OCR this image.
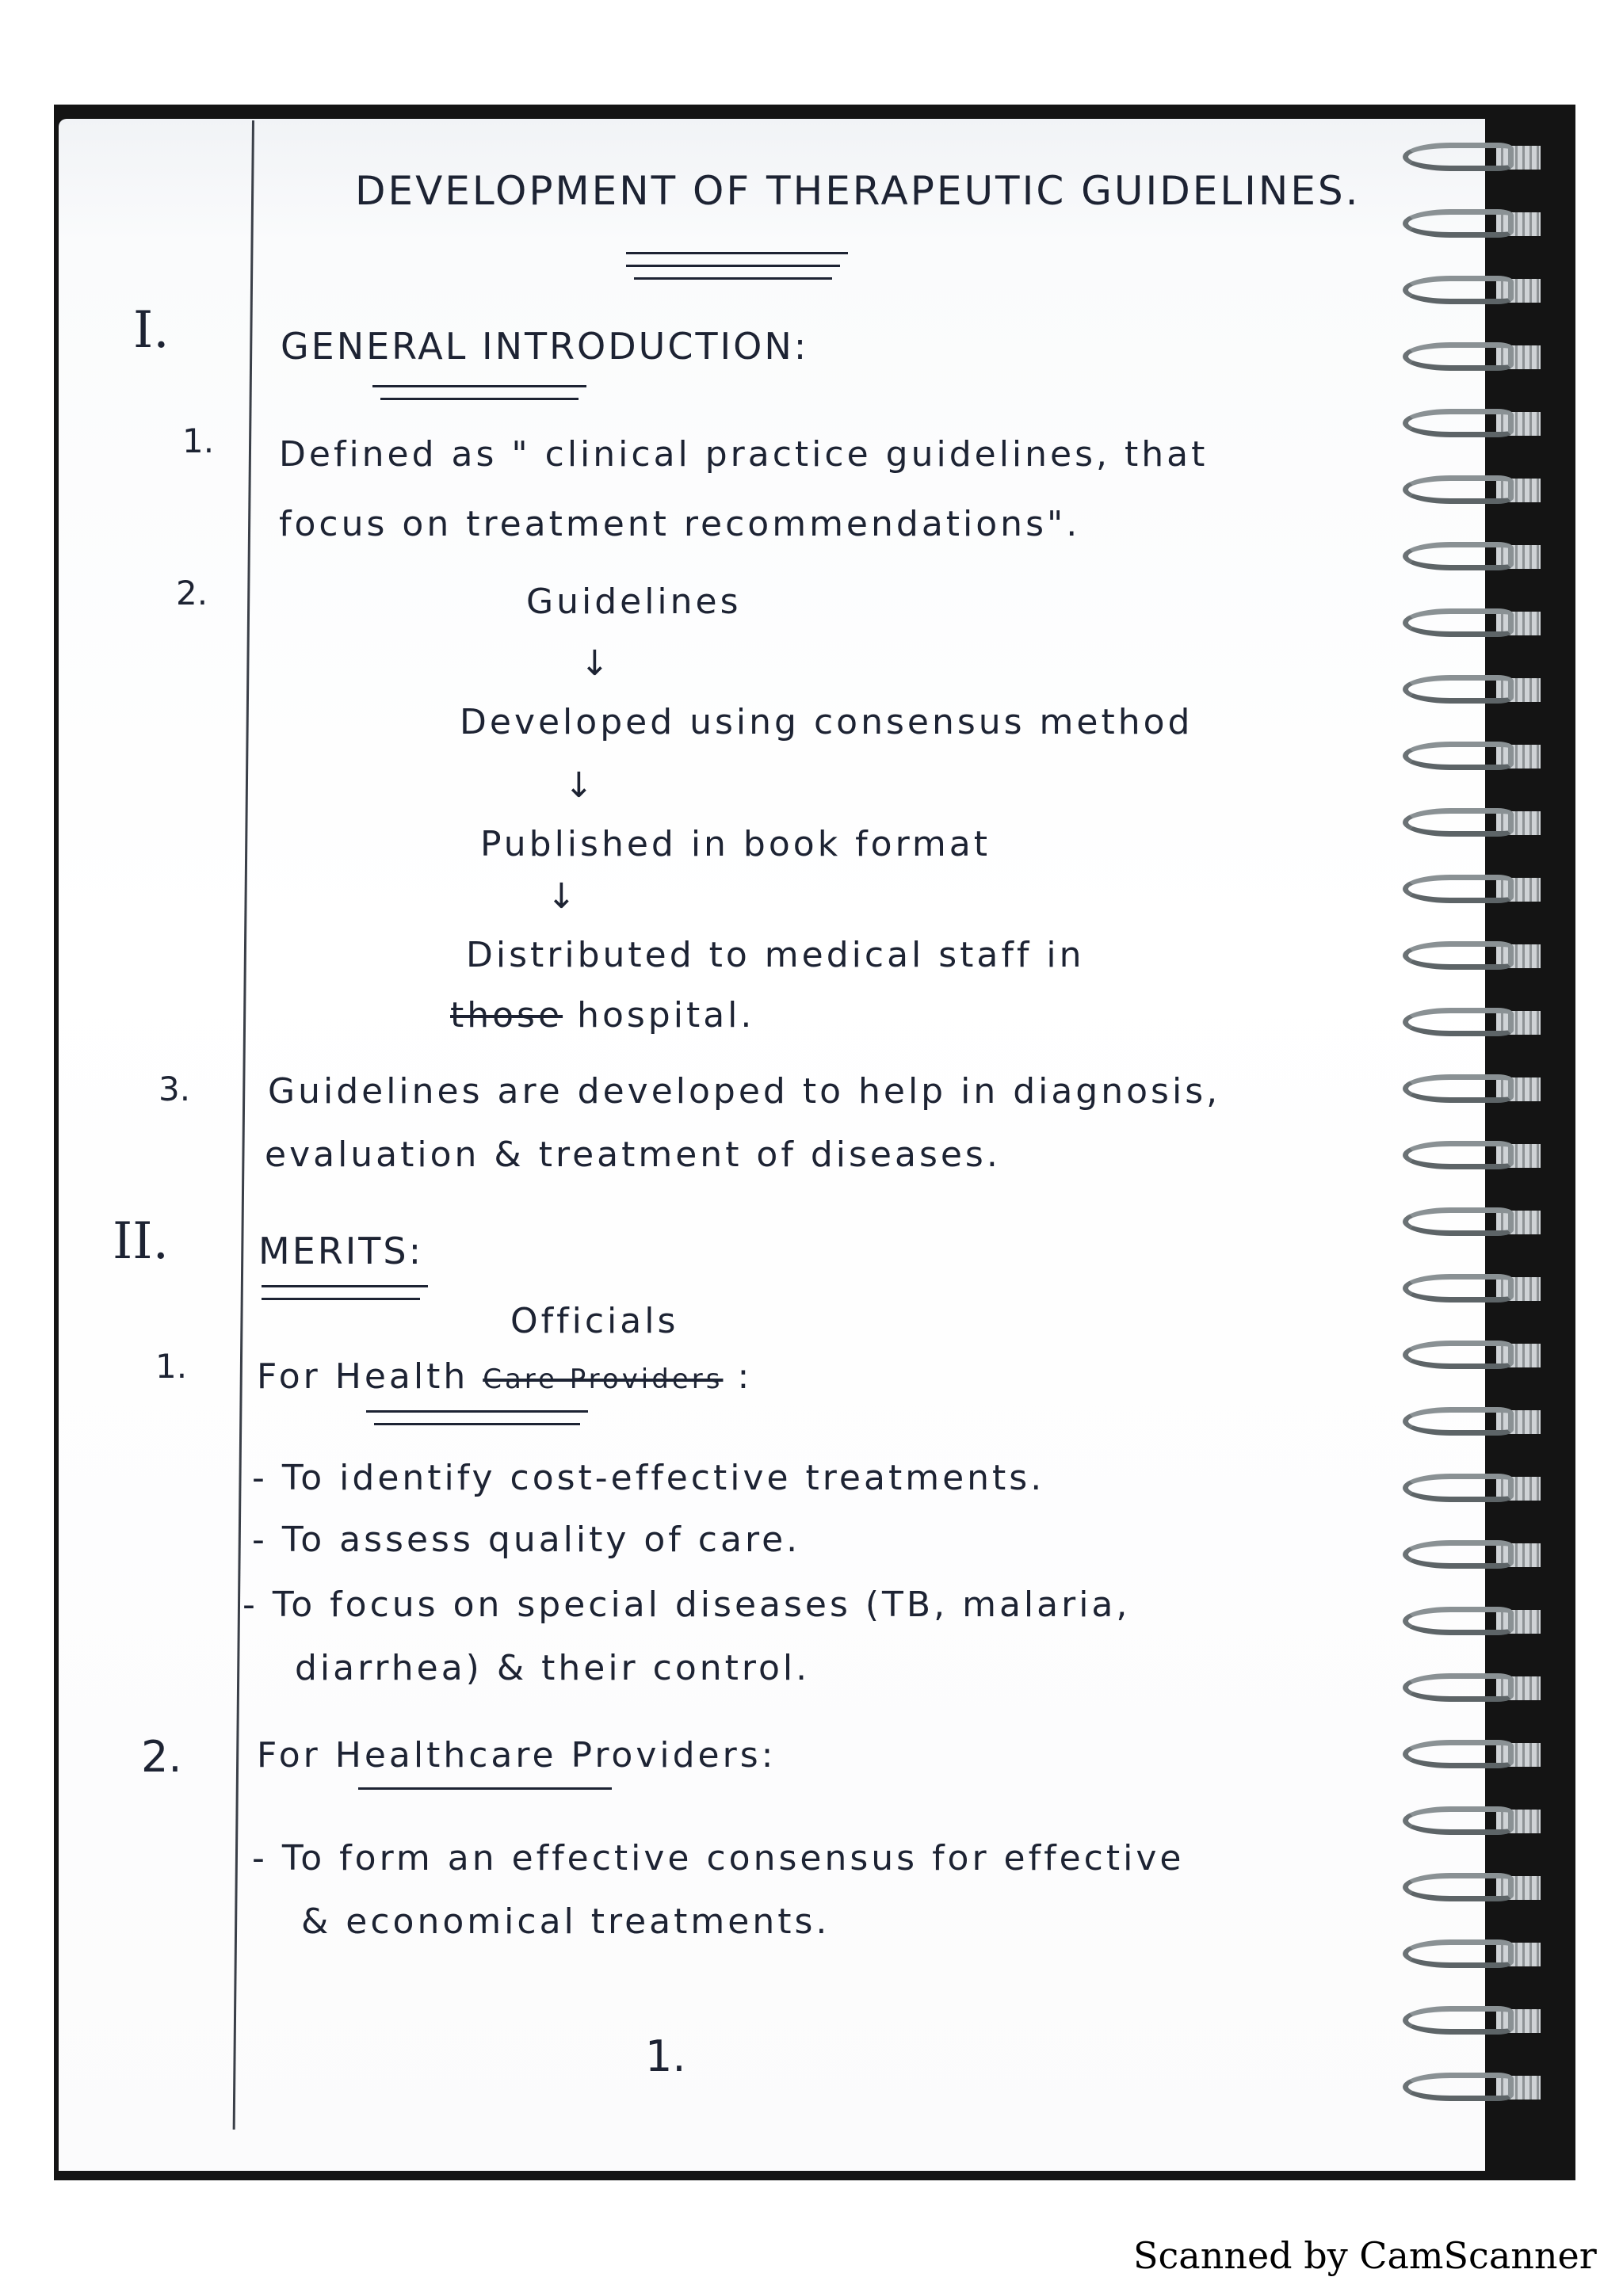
DEVELOPMENT OF THERAPEUTIC GUIDELINES.
I.	GENERAL INTRODUCTION:
1. Defined as " clinical practice guidelines, that
focus on treatment recommendations".
2.	Guidelines
↓
Developed using consensus method
↓
Published in book format
↓
Distributed to medical staff in
those hospital.
3. Guidelines are developed to help in diagnosis,
evaluation & treatment of diseases.
II. MERITS:
Officials
1. For Health Care Providers :
- To identify cost-effective treatments.
- To assess quality of care.
- To focus on special diseases (TB, malaria,
diarrhea) & their control.
2. For Healthcare Providers:
- To form an effective consensus for effective
& economical treatments.
1.
Scanned by CamScanner
